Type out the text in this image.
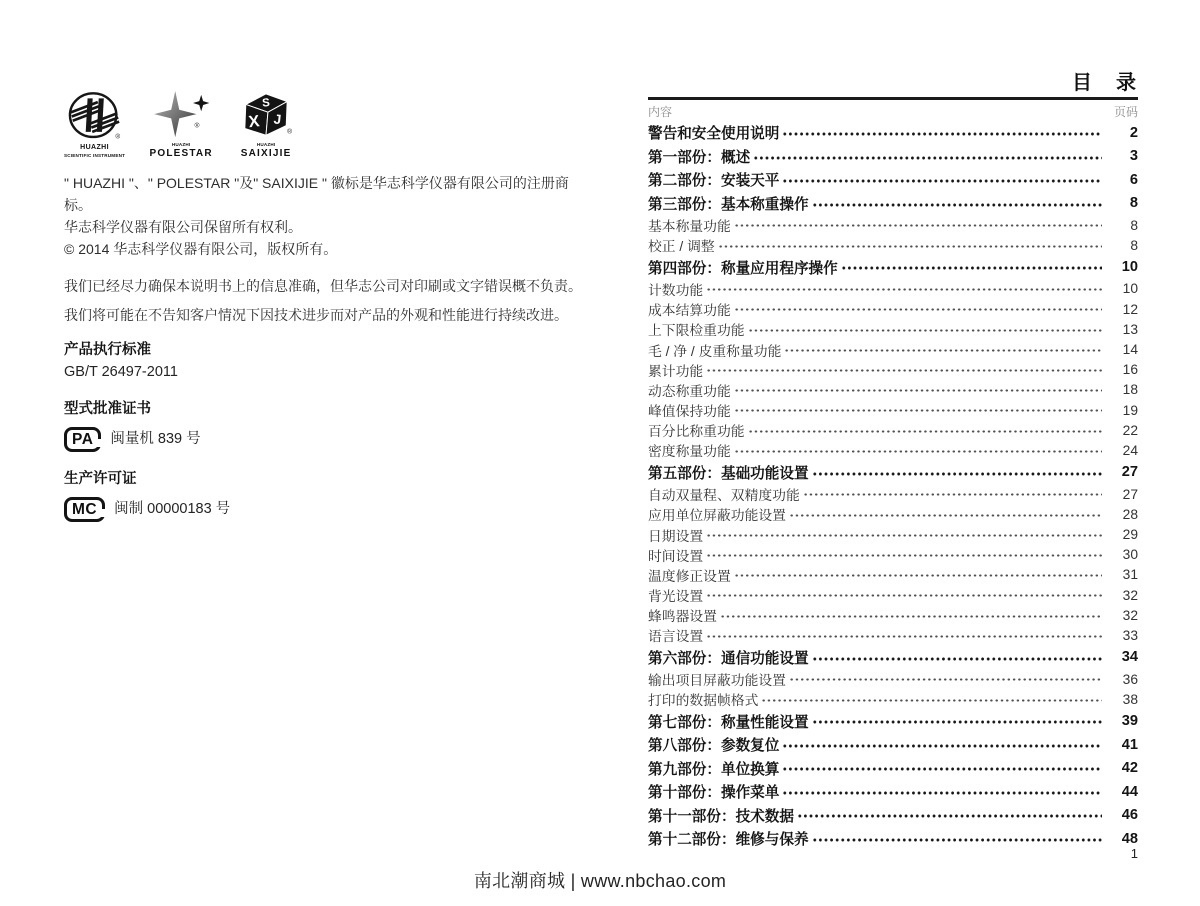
®
HUAZHI
SCIENTIFIC INSTRUMENT
®
HUAZHI
POLESTAR
S
X J
®
HUAZHI
SAIXIJIE
" HUAZHI "、" POLESTAR "及" SAIXIJIE " 徽标是华志科学仪器有限公司的注册商标。
华志科学仪器有限公司保留所有权利。
© 2014 华志科学仪器有限公司，版权所有。
我们已经尽力确保本说明书上的信息准确，但华志公司对印刷或文字错误概不负责。
我们将可能在不告知客户情况下因技术进步而对产品的外观和性能进行持续改进。
产品执行标准
GB/T 26497-2011
型式批准证书
PA	闽量机 839 号
生产许可证
MC	闽制 00000183 号
目　录
内容	页码
警告和安全使用说明	2
第一部份：概述	3
第二部份：安装天平	6
第三部份：基本称重操作	8
基本称量功能	8
校正 / 调整	8
第四部份：称量应用程序操作	10
计数功能	10
成本结算功能	12
上下限检重功能	13
毛 / 净 / 皮重称量功能	14
累计功能	16
动态称重功能	18
峰值保持功能	19
百分比称重功能	22
密度称量功能	24
第五部份：基础功能设置	27
自动双量程、双精度功能	27
应用单位屏蔽功能设置	28
日期设置	29
时间设置	30
温度修正设置	31
背光设置	32
蜂鸣器设置	32
语言设置	33
第六部份：通信功能设置	34
输出项目屏蔽功能设置	36
打印的数据帧格式	38
第七部份：称量性能设置	39
第八部份：参数复位	41
第九部份：单位换算	42
第十部份：操作菜单	44
第十一部份：技术数据	46
第十二部份：维修与保养	48
1
南北潮商城 | www.nbchao.com
